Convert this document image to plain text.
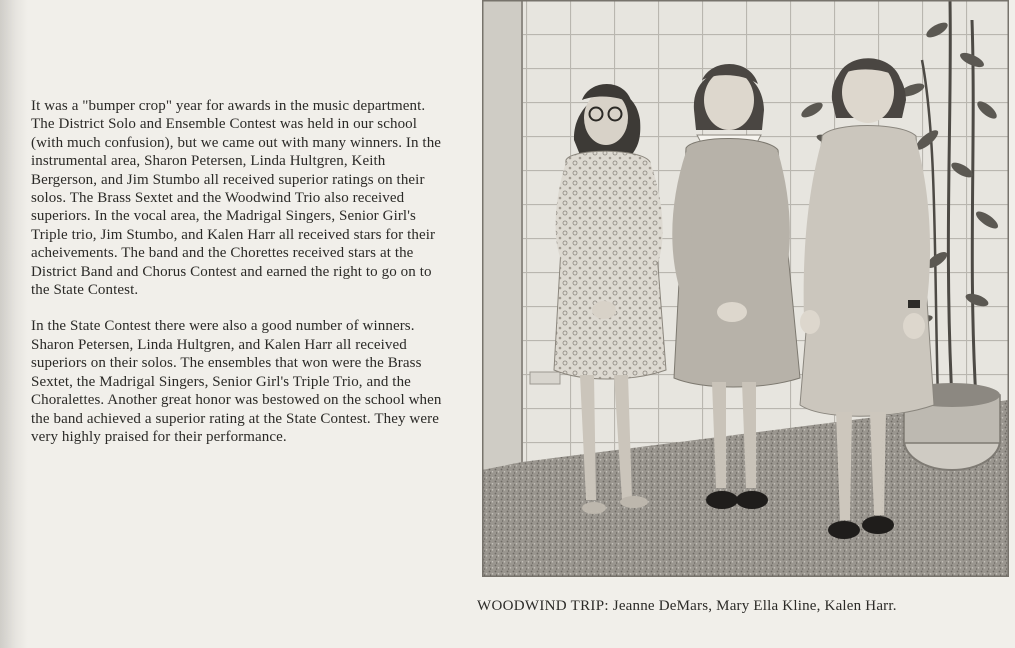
It was a "bumper crop" year for awards in the music department. The District Solo and Ensemble Contest was held in our school (with much confusion), but we came out with many winners. In the instrumental area, Sharon Petersen, Linda Hultgren, Keith Bergerson, and Jim Stumbo all received superior ratings on their solos. The Brass Sextet and the Woodwind Trio also received superiors. In the vocal area, the Madrigal Singers, Senior Girl's Triple trio, Jim Stumbo, and Kalen Harr all received stars for their acheivements. The band and the Chorettes received stars at the District Band and Chorus Contest and earned the right to go on to the State Contest.

In the State Contest there were also a good number of winners. Sharon Petersen, Linda Hultgren, and Kalen Harr all received superiors on their solos. The ensembles that won were the Brass Sextet, the Madrigal Singers, Senior Girl's Triple Trio, and the Choralettes. Another great honor was bestowed on the school when the band achieved a superior rating at the State Contest. They were very highly praised for their performance.

WOODWIND TRIP: Jeanne DeMars, Mary Ella Kline, Kalen Harr.
